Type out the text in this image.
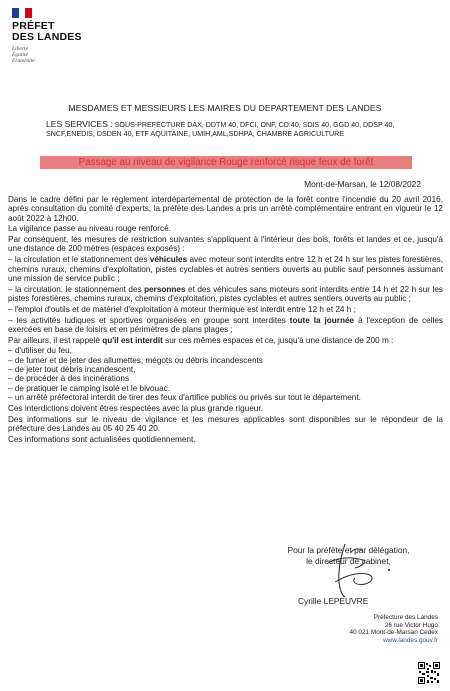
PRÉFET
DES LANDES
Liberté
Égalité
Fraternité
MESDAMES ET MESSIEURS LES MAIRES DU DEPARTEMENT DES LANDES
LES SERVICES : SOUS-PREFECTURE DAX, DDTM 40, DFCI, ONF, CD 40, SDIS 40, GGD 40, DDSP 40, SNCF,ENEDIS, DSDEN 40, ETF AQUITAINE, UMIH,AML,SDHPA, CHAMBRE AGRICULTURE
Passage au niveau de vigilance Rouge renforcé risque feux de forêt
Mont-de-Marsan, le 12/08/2022

Dans le cadre défini par le règlement interdépartemental de protection de la forêt contre l'incendie du 20 avril 2016, après consultation du comité d'experts, la préfète des Landes a pris un arrêté complémentaire entrant en vigueur le 12 août 2022 à 12h00.

La vigilance passe au niveau rouge renforcé.

Par conséquent, les mesures de restriction suivantes s'appliquent à l'intérieur des bois, forêts et landes et ce, jusqu'à une distance de 200 mètres (espaces exposés) :

– la circulation et le stationnement des véhicules avec moteur sont interdits entre 12 h et 24 h sur les pistes forestières, chemins ruraux, chemins d'exploitation, pistes cyclables et autres sentiers ouverts au public sauf personnes assumant une mission de service public ;

– la circulation, le stationnement des personnes et des véhicules sans moteurs sont interdits entre 14 h et 22 h sur les pistes forestières, chemins ruraux, chemins d'exploitation, pistes cyclables et autres sentiers ouverts au public ;

– l'emploi d'outils et de matériel d'exploitation à moteur thermique est interdit entre 12 h et 24 h ;

– les activités ludiques et sportives organisées en groupe sont interdites toute la journée à l'exception de celles exercées en base de loisirs et en périmètres de plans plages ;

Par ailleurs, il est rappelé qu'il est interdit sur ces mêmes espaces et ce, jusqu'à une distance de 200 m :

– d'utiliser du feu,
– de fumer et de jeter des allumettes, mégots ou débris incandescents
– de jeter tout débris incandescent,
– de procéder à des incinérations
– de pratiquer le camping isolé et le bivouac.
– un arrêté préfectoral interdit de tirer des feux d'artifice publics ou privés sur tout le département.

Ces interdictions doivent êtres respectées avec la plus grande rigueur.

Des informations sur le niveau de vigilance et les mesures applicables sont disponibles sur le répondeur de la préfecture des Landes au 05 40 25 40 20.

Ces informations sont actualisées quotidiennement.

Pour la préfète et par délégation,
le directeur de cabinet,
Cyrille LEPEUVRE
Préfecture des Landes
26 rue Victor Hugo
40 021 Mont-de-Marsan Cedex
www.landes.gouv.fr
